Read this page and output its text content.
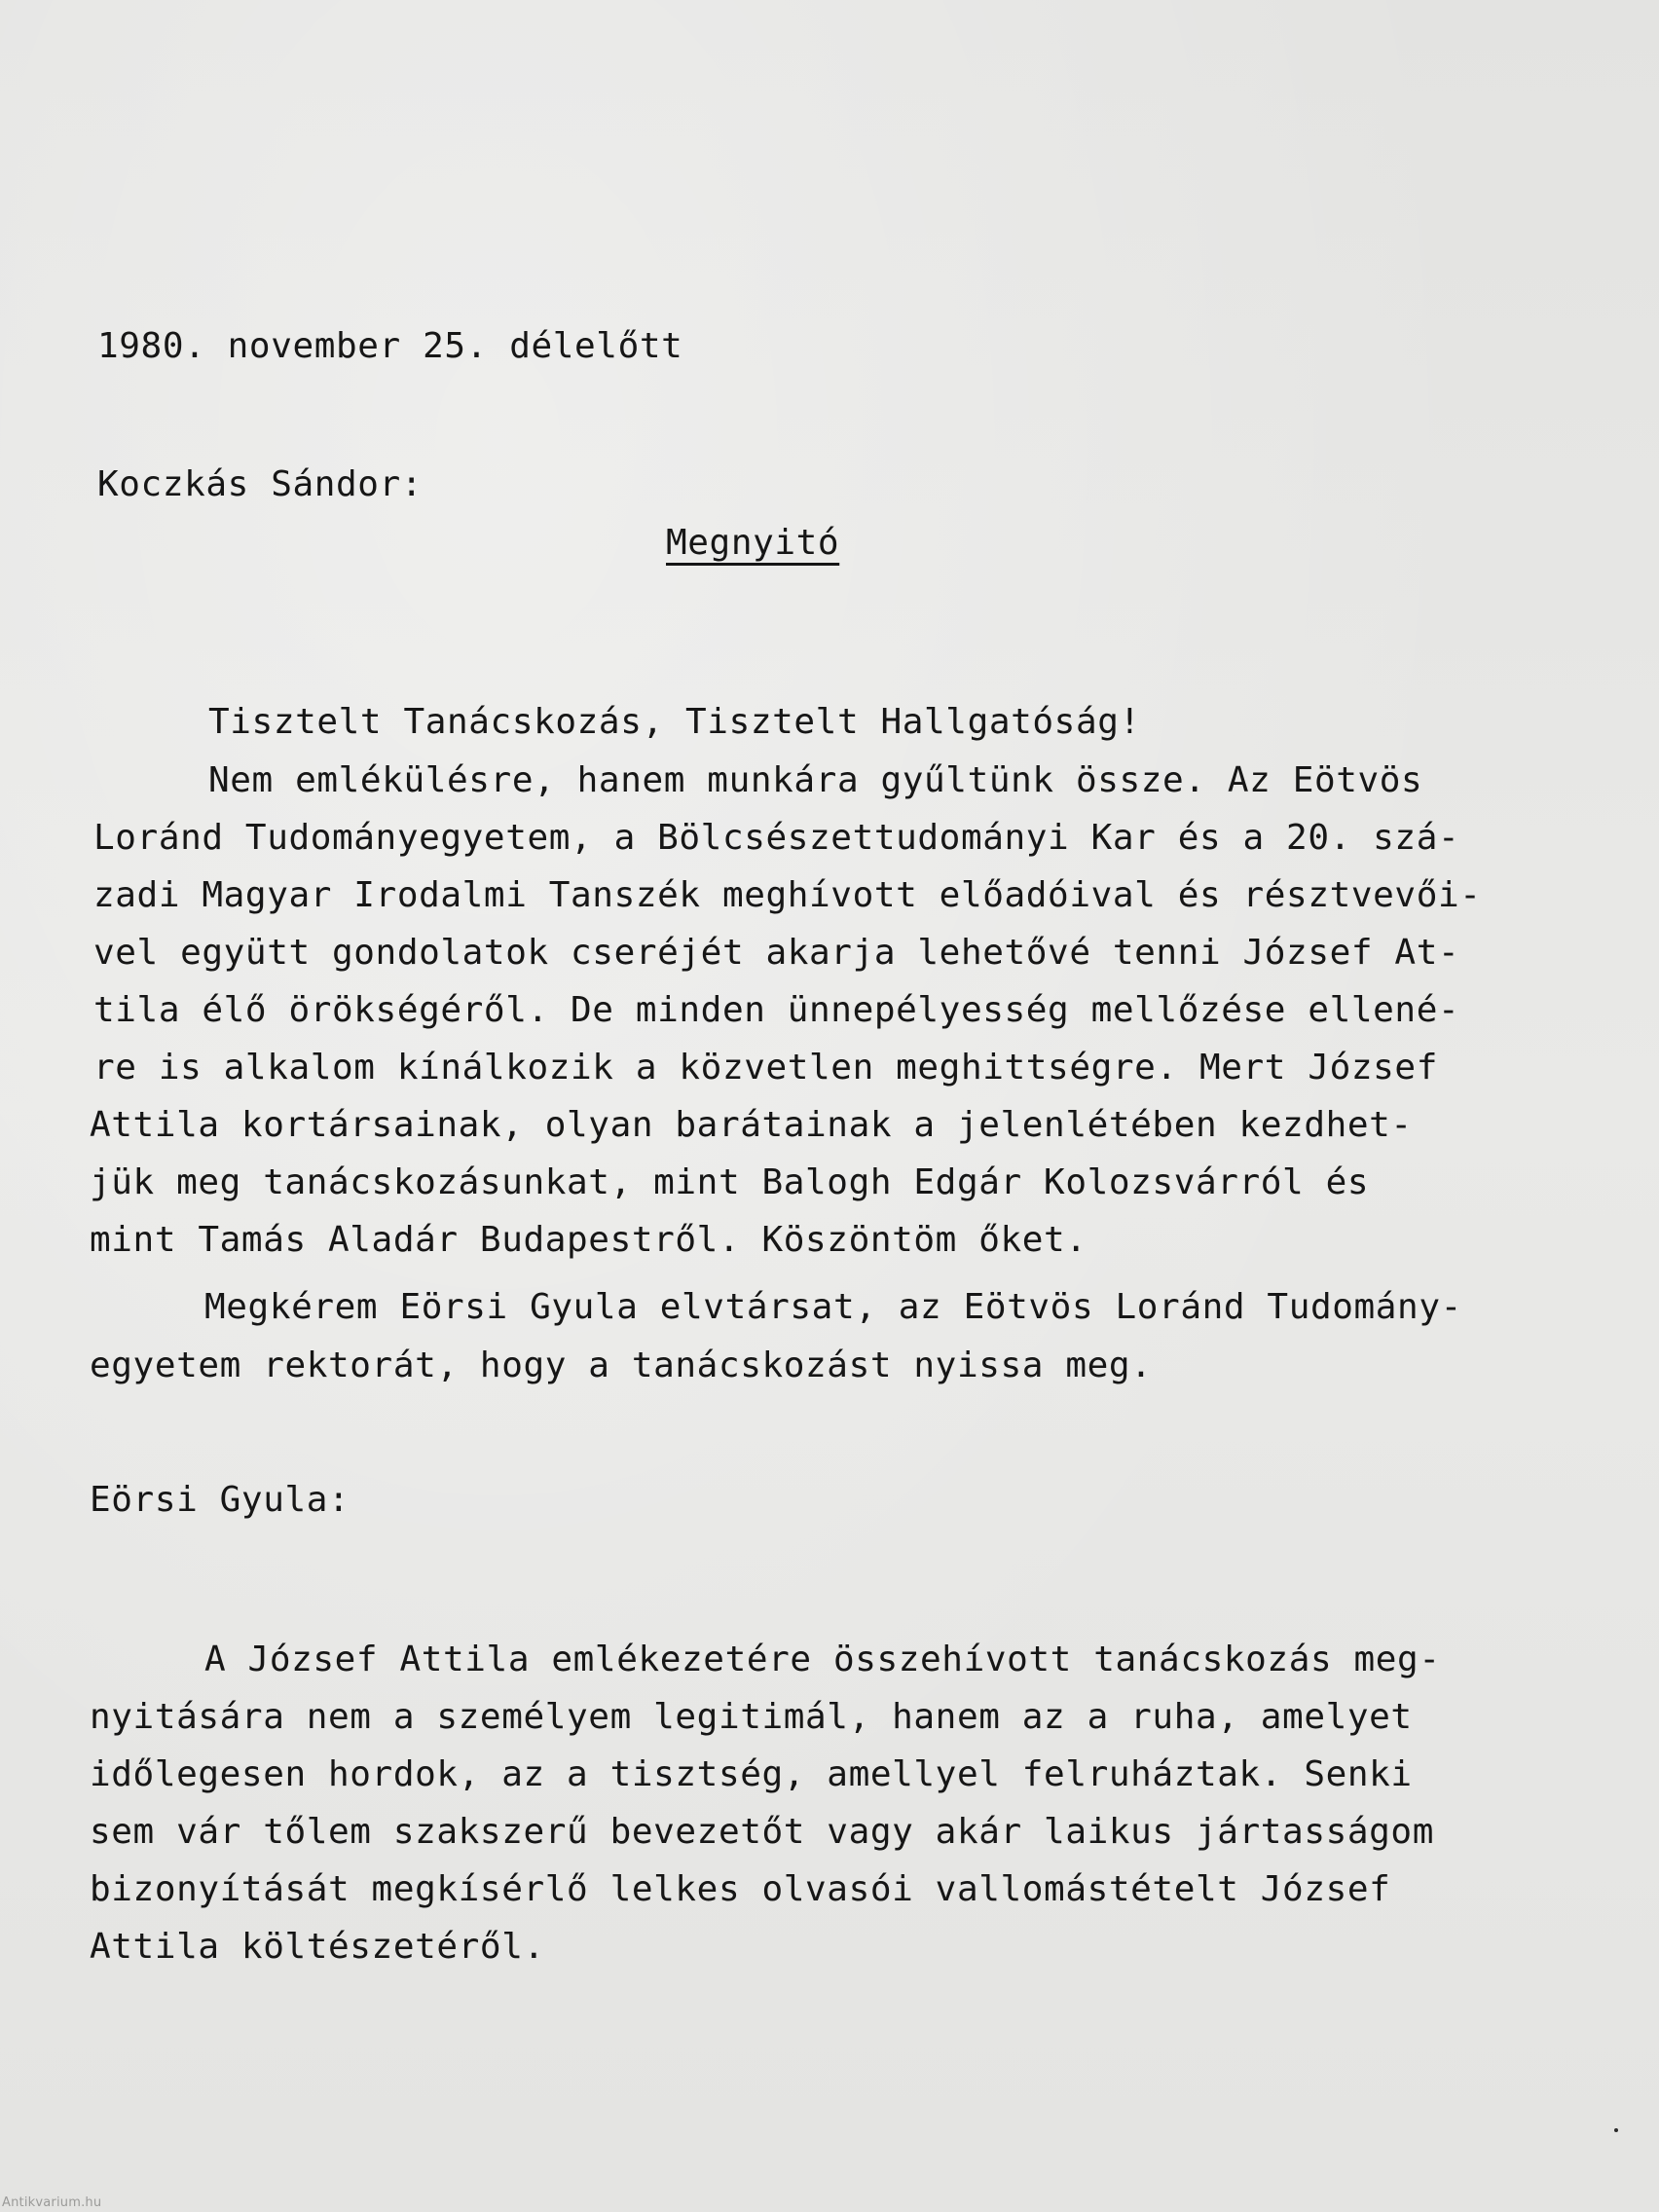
1980. november 25. délelőtt
Koczkás Sándor:
Megnyitó
Tisztelt Tanácskozás, Tisztelt Hallgatóság!
Nem emlékülésre, hanem munkára gyűltünk össze. Az Eötvös
Loránd Tudományegyetem, a Bölcsészettudományi Kar és a 20. szá-
zadi Magyar Irodalmi Tanszék meghívott előadóival és résztvevői-
vel együtt gondolatok cseréjét akarja lehetővé tenni József At-
tila élő örökségéről. De minden ünnepélyesség mellőzése ellené-
re is alkalom kínálkozik a közvetlen meghittségre. Mert József
Attila kortársainak, olyan barátainak a jelenlétében kezdhet-
jük meg tanácskozásunkat, mint Balogh Edgár Kolozsvárról és
mint Tamás Aladár Budapestről. Köszöntöm őket.
Megkérem Eörsi Gyula elvtársat, az Eötvös Loránd Tudomány-
egyetem rektorát, hogy a tanácskozást nyissa meg.
Eörsi Gyula:
A József Attila emlékezetére összehívott tanácskozás meg-
nyitására nem a személyem legitimál, hanem az a ruha, amelyet
időlegesen hordok, az a tisztség, amellyel felruháztak. Senki
sem vár tőlem szakszerű bevezetőt vagy akár laikus jártasságom
bizonyítását megkísérlő lelkes olvasói vallomástételt József
Attila költészetéről.
Antikvarium.hu
